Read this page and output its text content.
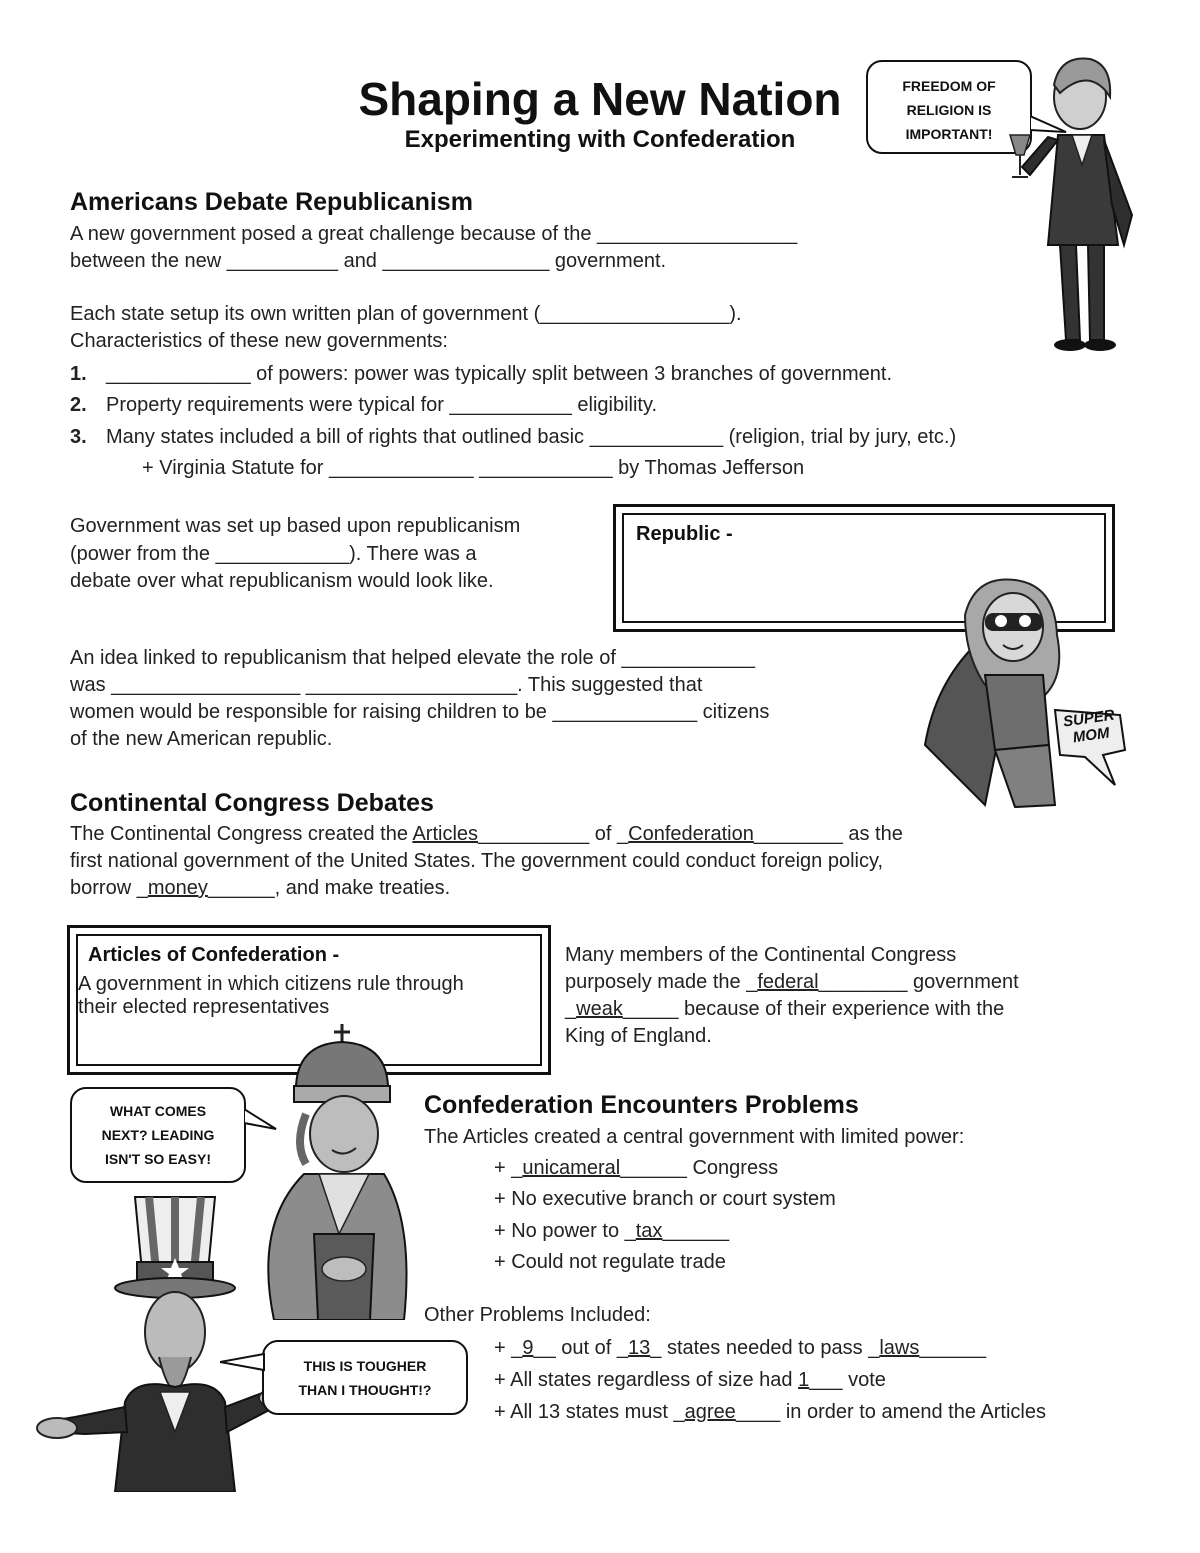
Shaping a New Nation
Experimenting with Confederation
FREEDOM OF
RELIGION IS
IMPORTANT!
Americans Debate Republicanism
A new government posed a great challenge because of the __________________
between the new __________ and _______________ government.
Each state setup its own written plan of government (_________________).
Characteristics of these new governments:
1. _____________ of powers: power was typically split between 3 branches of government.
2. Property requirements were typical for ___________ eligibility.
3. Many states included a bill of rights that outlined basic ____________ (religion, trial by jury, etc.)
+ Virginia Statute for _____________ ____________ by Thomas Jefferson
Government was set up based upon republicanism
(power from the ____________). There was a
debate over what republicanism would look like.
Republic -
SUPER
MOM
An idea linked to republicanism that helped elevate the role of ____________
was _________________ ___________________. This suggested that
women would be responsible for raising children to be _____________ citizens
of the new American republic.
Continental Congress Debates
The Continental Congress created the Articles__________ of _Confederation________ as the
first national government of the United States. The government could conduct foreign policy,
borrow _money______, and make treaties.
Articles of Confederation -
A government in which citizens rule through
their elected representatives
Many members of the Continental Congress
purposely made the _federal________ government
_weak_____ because of their experience with the
King of England.
WHAT COMES
NEXT? LEADING
ISN'T SO EASY!
THIS IS TOUGHER
THAN I THOUGHT!?
Confederation Encounters Problems
The Articles created a central government with limited power:
+ _unicameral______ Congress
+ No executive branch or court system
+ No power to _tax______
+ Could not regulate trade
Other Problems Included:
+ _9__ out of _13_ states needed to pass _laws______
+ All states regardless of size had 1___ vote
+ All 13 states must _agree____ in order to amend the Articles
